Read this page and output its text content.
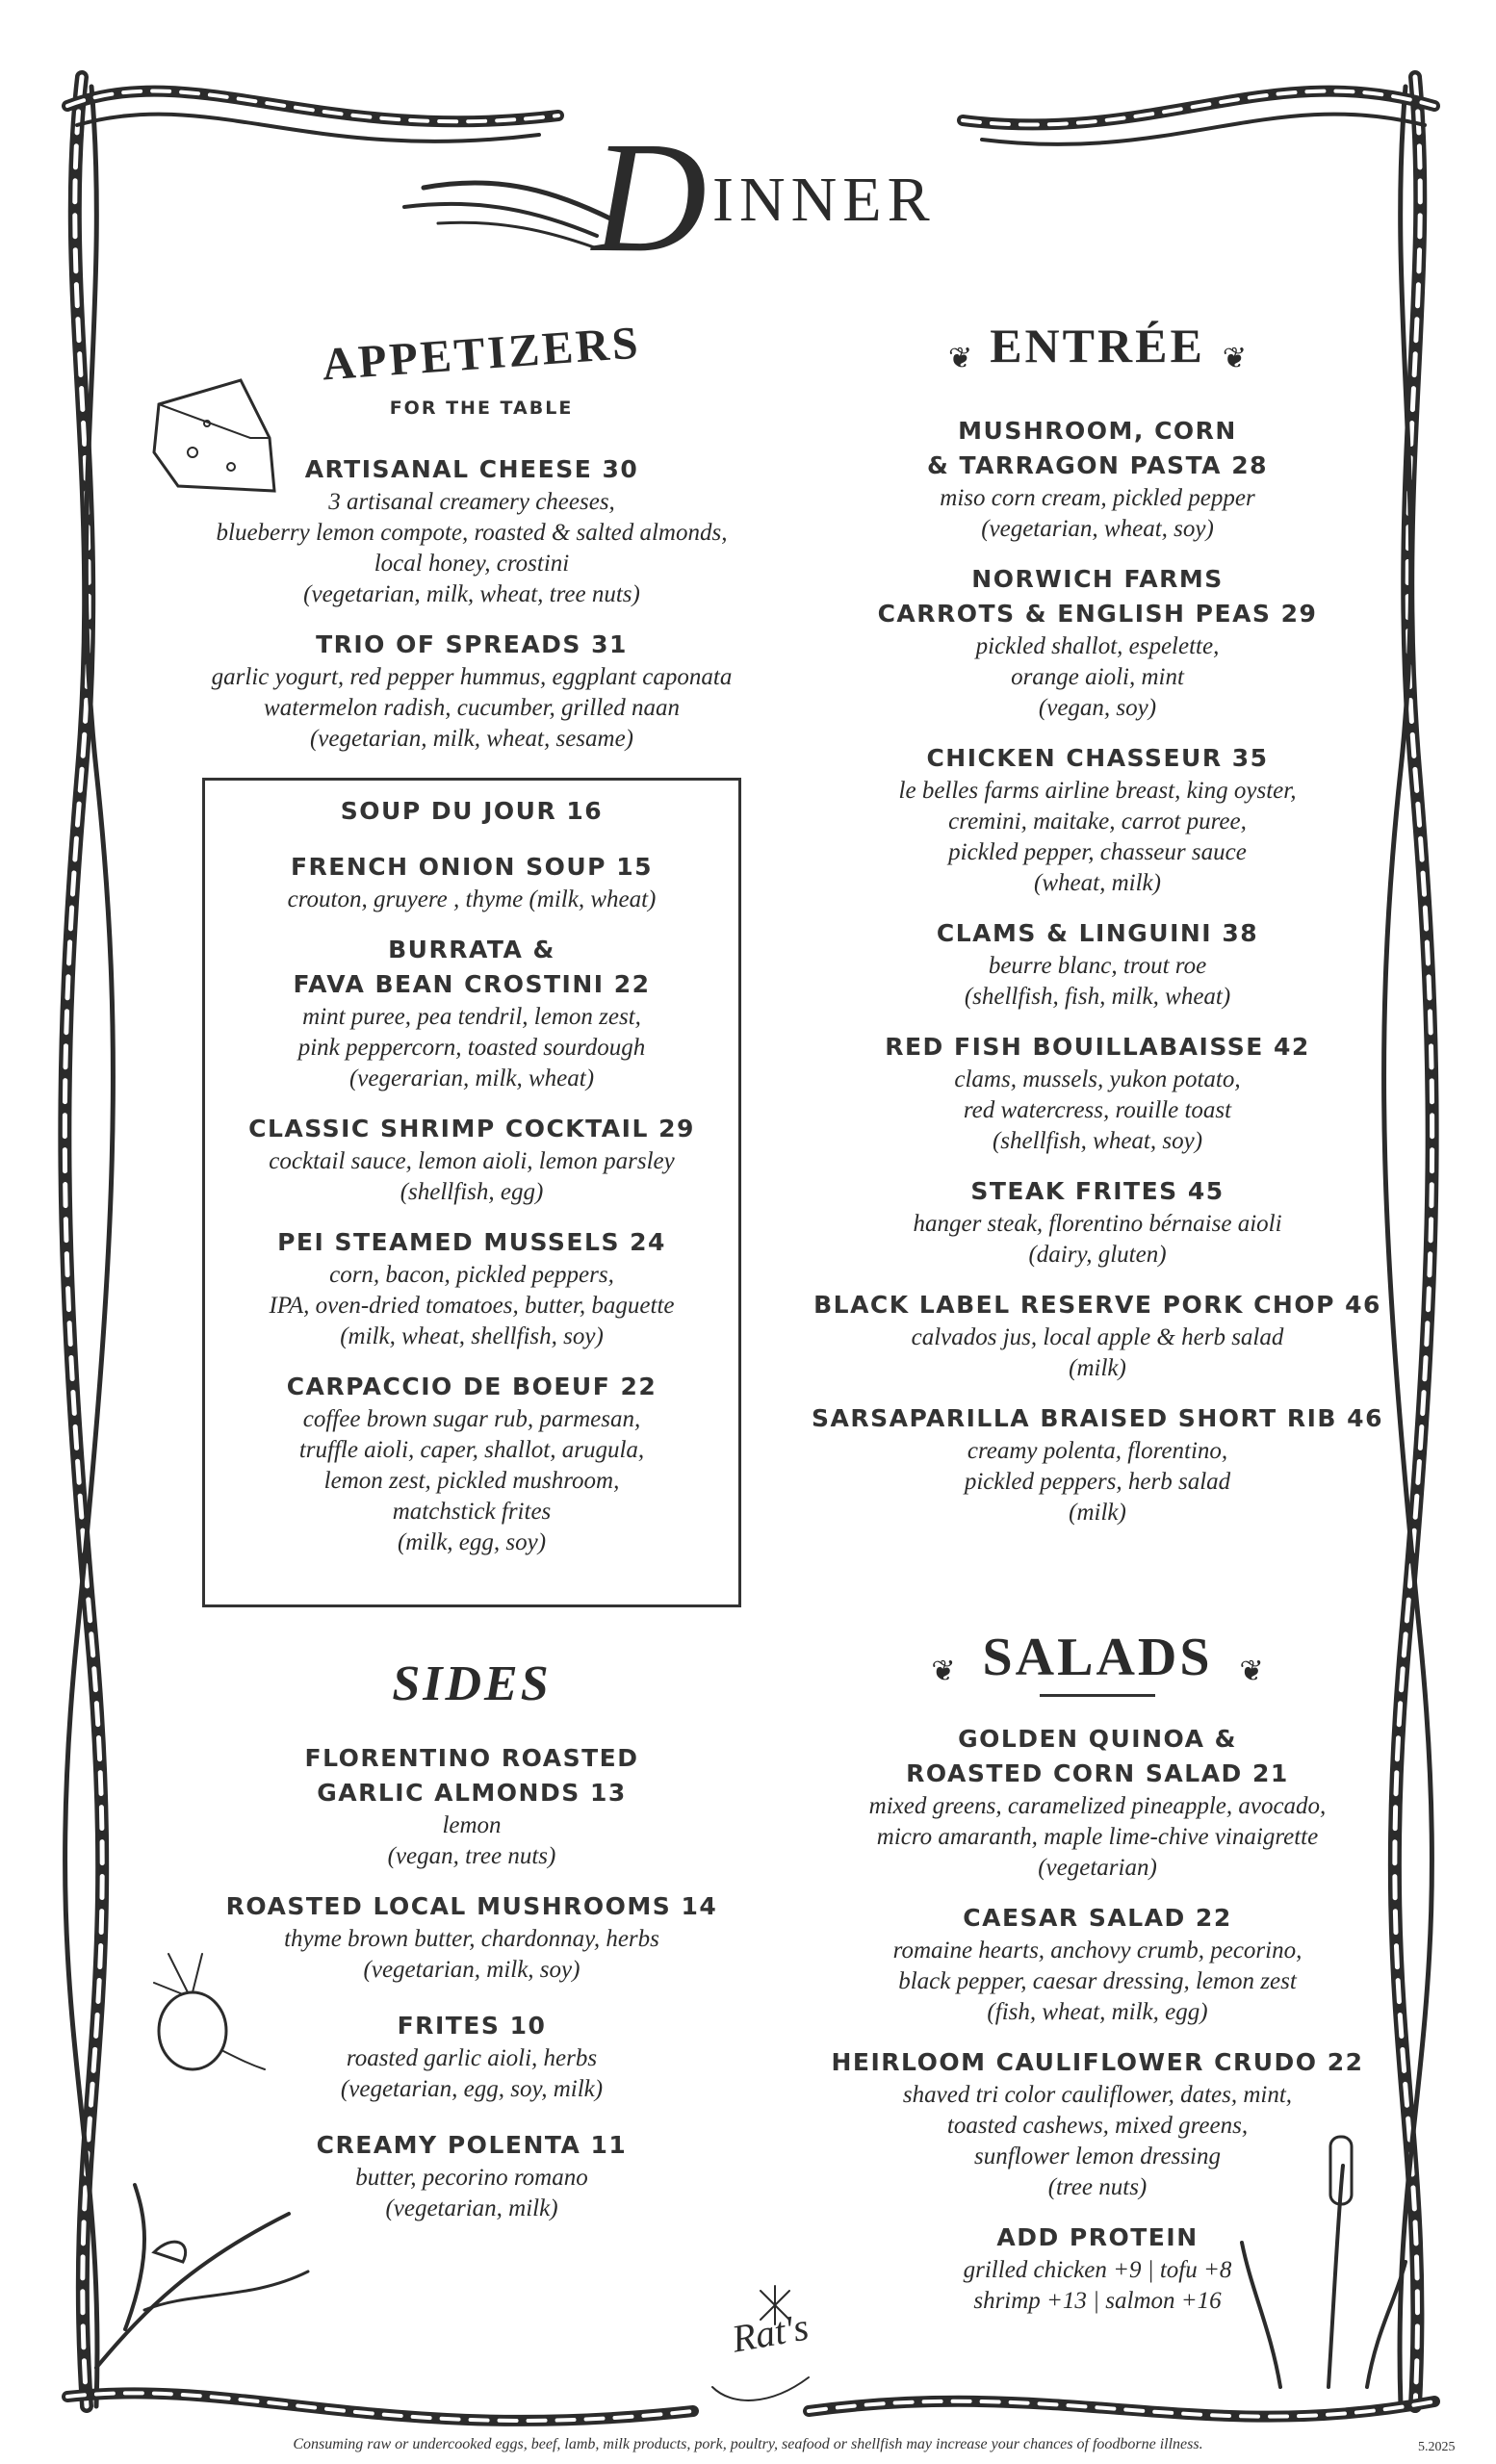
D INNER
APPETIZERS
FOR THE TABLE
ARTISANAL CHEESE 30
3 artisanal creamery cheeses,
blueberry lemon compote, roasted & salted almonds,
local honey, crostini
(vegetarian, milk, wheat, tree nuts)
TRIO OF SPREADS 31
garlic yogurt, red pepper hummus, eggplant caponata
watermelon radish, cucumber, grilled naan
(vegetarian, milk, wheat, sesame)
SOUP DU JOUR 16
FRENCH ONION SOUP 15
crouton, gruyere , thyme (milk, wheat)
BURRATA &
FAVA BEAN CROSTINI 22
mint puree, pea tendril, lemon zest,
pink peppercorn, toasted sourdough
(vegerarian, milk, wheat)
CLASSIC SHRIMP COCKTAIL 29
cocktail sauce, lemon aioli, lemon parsley
(shellfish, egg)
PEI STEAMED MUSSELS 24
corn, bacon, pickled peppers,
IPA, oven-dried tomatoes, butter, baguette
(milk, wheat, shellfish, soy)
CARPACCIO DE BOEUF 22
coffee brown sugar rub, parmesan,
truffle aioli, caper, shallot, arugula,
lemon zest, pickled mushroom,
matchstick frites
(milk, egg, soy)
SIDES
FLORENTINO ROASTED
GARLIC ALMONDS 13
lemon
(vegan, tree nuts)
ROASTED LOCAL MUSHROOMS 14
thyme brown butter, chardonnay, herbs
(vegetarian, milk, soy)
FRITES 10
roasted garlic aioli, herbs
(vegetarian, egg, soy, milk)
CREAMY POLENTA 11
butter, pecorino romano
(vegetarian, milk)
❦ ENTRÉE ❦
MUSHROOM, CORN
& TARRAGON PASTA 28
miso corn cream, pickled pepper
(vegetarian, wheat, soy)
NORWICH FARMS
CARROTS & ENGLISH PEAS 29
pickled shallot, espelette,
orange aioli, mint
(vegan, soy)
CHICKEN CHASSEUR 35
le belles farms airline breast, king oyster,
cremini, maitake, carrot puree,
pickled pepper, chasseur sauce
(wheat, milk)
CLAMS & LINGUINI 38
beurre blanc, trout roe
(shellfish, fish, milk, wheat)
RED FISH BOUILLABAISSE 42
clams, mussels, yukon potato,
red watercress, rouille toast
(shellfish, wheat, soy)
STEAK FRITES 45
hanger steak, florentino bérnaise aioli
(dairy, gluten)
BLACK LABEL RESERVE PORK CHOP 46
calvados jus, local apple & herb salad
(milk)
SARSAPARILLA BRAISED SHORT RIB 46
creamy polenta, florentino,
pickled peppers, herb salad
(milk)
❦ SALADS ❦
GOLDEN QUINOA &
ROASTED CORN SALAD 21
mixed greens, caramelized pineapple, avocado,
micro amaranth, maple lime-chive vinaigrette
(vegetarian)
CAESAR SALAD 22
romaine hearts, anchovy crumb, pecorino,
black pepper, caesar dressing, lemon zest
(fish, wheat, milk, egg)
HEIRLOOM CAULIFLOWER CRUDO 22
shaved tri color cauliflower, dates, mint,
toasted cashews, mixed greens,
sunflower lemon dressing
(tree nuts)
ADD PROTEIN
grilled chicken +9 | tofu +8
shrimp +13 | salmon +16
Rat's
Consuming raw or undercooked eggs, beef, lamb, milk products, pork, poultry, seafood or shellfish may increase your chances of foodborne illness.	5.2025
